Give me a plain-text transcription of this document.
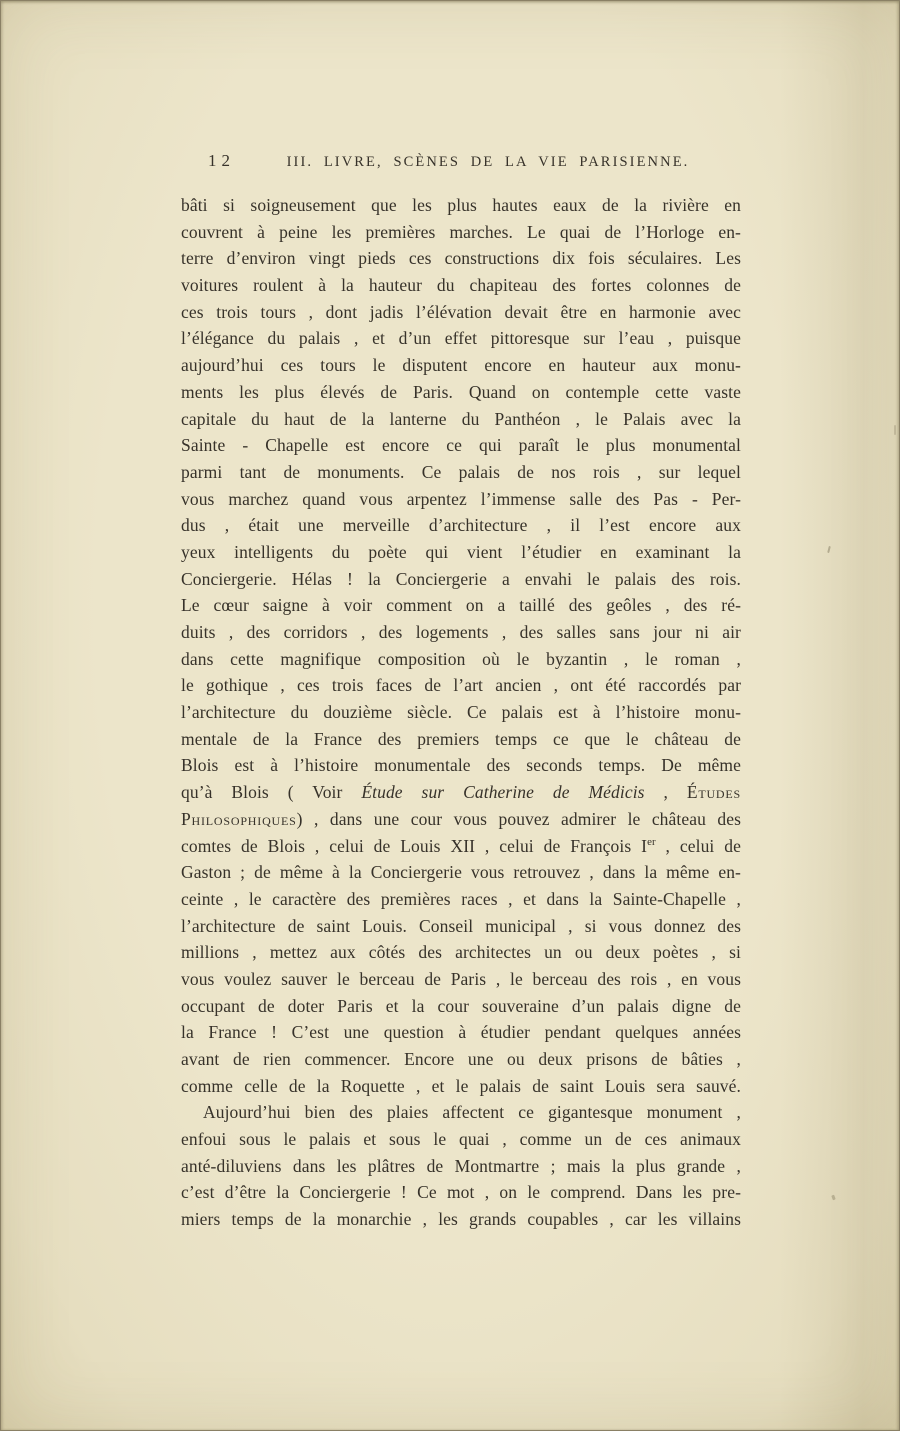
12	III. LIVRE, SCÈNES DE LA VIE PARISIENNE.
bâti si soigneusement que les plus hautes eaux de la rivière en
couvrent à peine les premières marches. Le quai de l’Horloge en-
terre d’environ vingt pieds ces constructions dix fois séculaires. Les
voitures roulent à la hauteur du chapiteau des fortes colonnes de
ces trois tours , dont jadis l’élévation devait être en harmonie avec
l’élégance du palais , et d’un effet pittoresque sur l’eau , puisque
aujourd’hui ces tours le disputent encore en hauteur aux monu-
ments les plus élevés de Paris. Quand on contemple cette vaste
capitale du haut de la lanterne du Panthéon , le Palais avec la
Sainte - Chapelle est encore ce qui paraît le plus monumental
parmi tant de monuments. Ce palais de nos rois , sur lequel
vous marchez quand vous arpentez l’immense salle des Pas - Per-
dus , était une merveille d’architecture , il l’est encore aux
yeux intelligents du poète qui vient l’étudier en examinant la
Conciergerie. Hélas ! la Conciergerie a envahi le palais des rois.
Le cœur saigne à voir comment on a taillé des geôles , des ré-
duits , des corridors , des logements , des salles sans jour ni air
dans cette magnifique composition où le byzantin , le roman ,
le gothique , ces trois faces de l’art ancien , ont été raccordés par
l’architecture du douzième siècle. Ce palais est à l’histoire monu-
mentale de la France des premiers temps ce que le château de
Blois est à l’histoire monumentale des seconds temps. De même
qu’à Blois ( Voir Étude sur Catherine de Médicis , Études
Philosophiques) , dans une cour vous pouvez admirer le château des
comtes de Blois , celui de Louis XII , celui de François Ier , celui de
Gaston ; de même à la Conciergerie vous retrouvez , dans la même en-
ceinte , le caractère des premières races , et dans la Sainte-Chapelle ,
l’architecture de saint Louis. Conseil municipal , si vous donnez des
millions , mettez aux côtés des architectes un ou deux poètes , si
vous voulez sauver le berceau de Paris , le berceau des rois , en vous
occupant de doter Paris et la cour souveraine d’un palais digne de
la France ! C’est une question à étudier pendant quelques années
avant de rien commencer. Encore une ou deux prisons de bâties ,
comme celle de la Roquette , et le palais de saint Louis sera sauvé.
Aujourd’hui bien des plaies affectent ce gigantesque monument ,
enfoui sous le palais et sous le quai , comme un de ces animaux
anté-diluviens dans les plâtres de Montmartre ; mais la plus grande ,
c’est d’être la Conciergerie ! Ce mot , on le comprend. Dans les pre-
miers temps de la monarchie , les grands coupables , car les villains
